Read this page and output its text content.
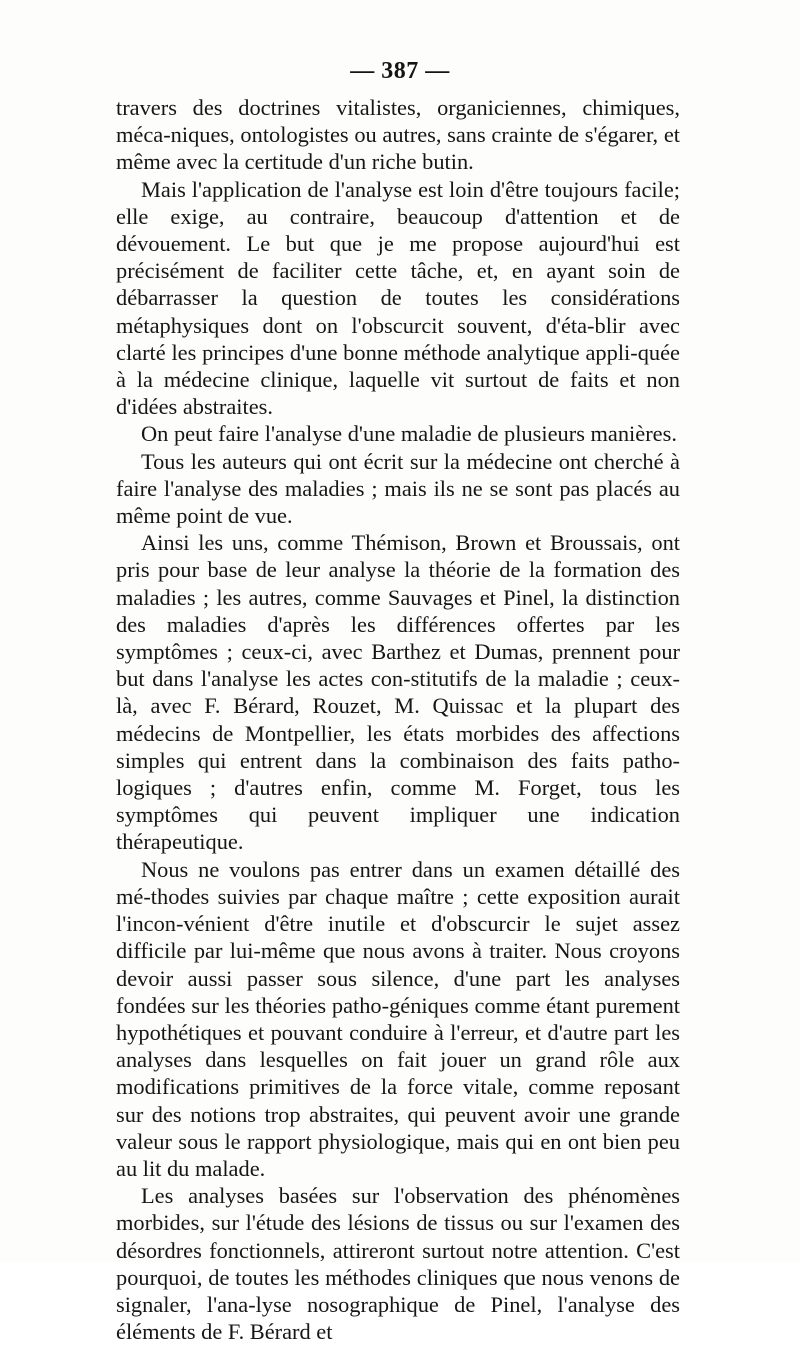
— 387 —

travers des doctrines vitalistes, organiciennes, chimiques, méca-niques, ontologistes ou autres, sans crainte de s'égarer, et même avec la certitude d'un riche butin.

Mais l'application de l'analyse est loin d'être toujours facile; elle exige, au contraire, beaucoup d'attention et de dévouement. Le but que je me propose aujourd'hui est précisément de faciliter cette tâche, et, en ayant soin de débarrasser la question de toutes les considérations métaphysiques dont on l'obscurcit souvent, d'éta-blir avec clarté les principes d'une bonne méthode analytique appli-quée à la médecine clinique, laquelle vit surtout de faits et non d'idées abstraites.

On peut faire l'analyse d'une maladie de plusieurs manières.

Tous les auteurs qui ont écrit sur la médecine ont cherché à faire l'analyse des maladies ; mais ils ne se sont pas placés au même point de vue.

Ainsi les uns, comme Thémison, Brown et Broussais, ont pris pour base de leur analyse la théorie de la formation des maladies ; les autres, comme Sauvages et Pinel, la distinction des maladies d'après les différences offertes par les symptômes ; ceux-ci, avec Barthez et Dumas, prennent pour but dans l'analyse les actes con-stitutifs de la maladie ; ceux-là, avec F. Bérard, Rouzet, M. Quissac et la plupart des médecins de Montpellier, les états morbides des affections simples qui entrent dans la combinaison des faits patho-logiques ; d'autres enfin, comme M. Forget, tous les symptômes qui peuvent impliquer une indication thérapeutique.

Nous ne voulons pas entrer dans un examen détaillé des mé-thodes suivies par chaque maître ; cette exposition aurait l'incon-vénient d'être inutile et d'obscurcir le sujet assez difficile par lui-même que nous avons à traiter. Nous croyons devoir aussi passer sous silence, d'une part les analyses fondées sur les théories patho-géniques comme étant purement hypothétiques et pouvant conduire à l'erreur, et d'autre part les analyses dans lesquelles on fait jouer un grand rôle aux modifications primitives de la force vitale, comme reposant sur des notions trop abstraites, qui peuvent avoir une grande valeur sous le rapport physiologique, mais qui en ont bien peu au lit du malade.

Les analyses basées sur l'observation des phénomènes morbides, sur l'étude des lésions de tissus ou sur l'examen des désordres fonctionnels, attireront surtout notre attention. C'est pourquoi, de toutes les méthodes cliniques que nous venons de signaler, l'ana-lyse nosographique de Pinel, l'analyse des éléments de F. Bérard et
